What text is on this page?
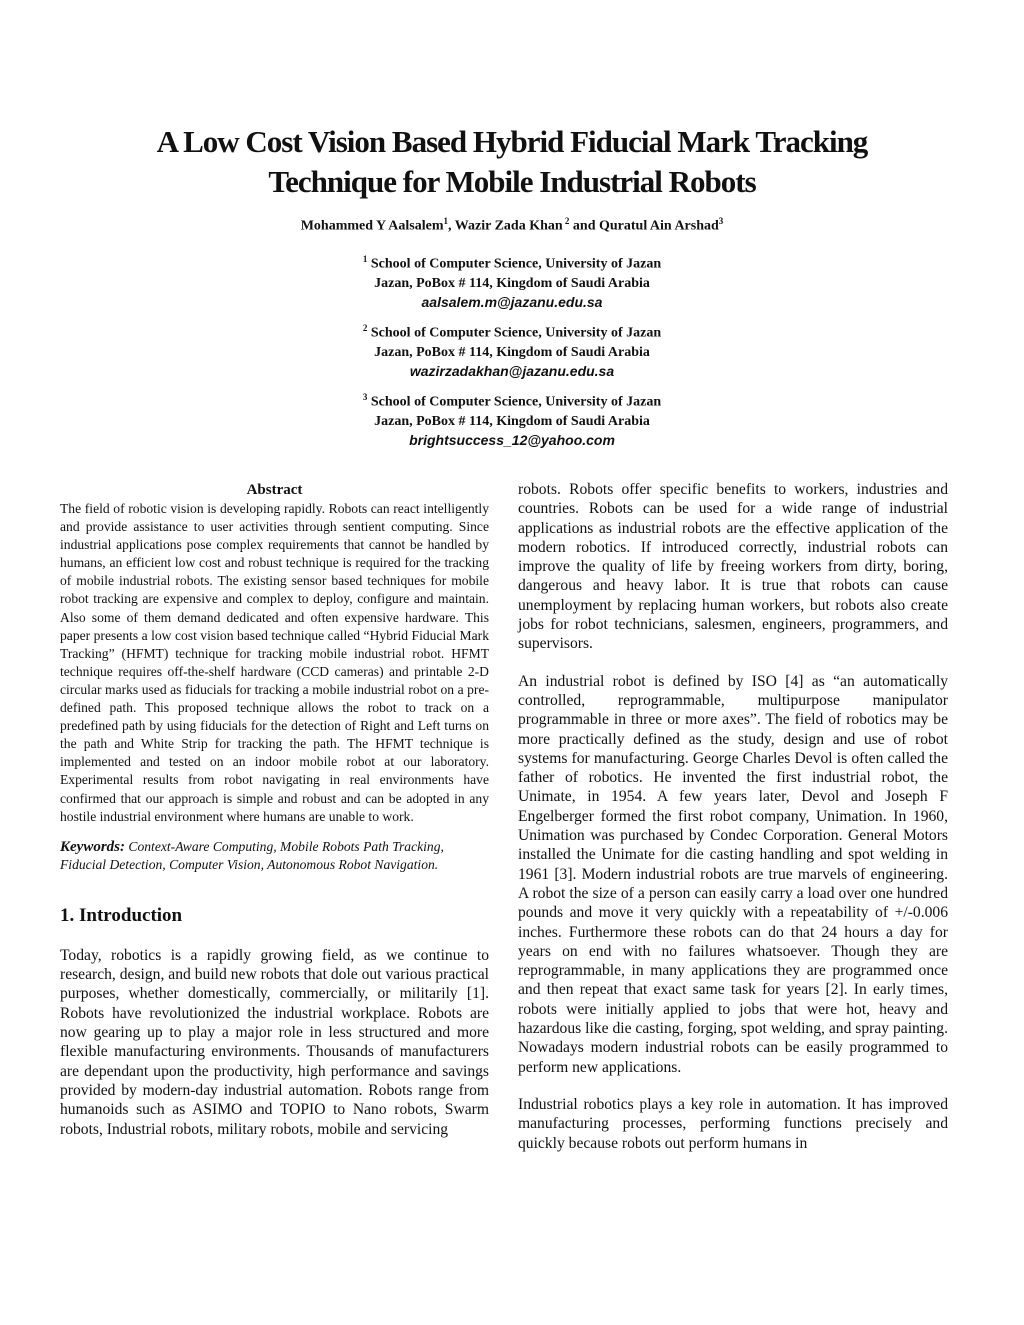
A Low Cost Vision Based Hybrid Fiducial Mark Tracking
Technique for Mobile Industrial Robots
Mohammed Y Aalsalem$^1$, Wazir Zada Khan $^2$ and Quratul Ain Arshad$^3$
$^1$ School of Computer Science, University of Jazan
Jazan, PoBox # 114, Kingdom of Saudi Arabia
aalsalem.m@jazanu.edu.sa
$^2$ School of Computer Science, University of Jazan
Jazan, PoBox # 114, Kingdom of Saudi Arabia
wazirzadakhan@jazanu.edu.sa
$^3$ School of Computer Science, University of Jazan
Jazan, PoBox # 114, Kingdom of Saudi Arabia
brightsuccess_12@yahoo.com
Abstract

The field of robotic vision is developing rapidly. Robots can react intelligently and provide assistance to user activities through sentient computing. Since industrial applications pose complex requirements that cannot be handled by humans, an efficient low cost and robust technique is required for the tracking of mobile industrial robots. The existing sensor based techniques for mobile robot tracking are expensive and complex to deploy, configure and maintain. Also some of them demand dedicated and often expensive hardware. This paper presents a low cost vision based technique called “Hybrid Fiducial Mark Tracking” (HFMT) technique for tracking mobile industrial robot. HFMT technique requires off-the-shelf hardware (CCD cameras) and printable 2-D circular marks used as fiducials for tracking a mobile industrial robot on a pre-defined path. This proposed technique allows the robot to track on a predefined path by using fiducials for the detection of Right and Left turns on the path and White Strip for tracking the path. The HFMT technique is implemented and tested on an indoor mobile robot at our laboratory. Experimental results from robot navigating in real environments have confirmed that our approach is simple and robust and can be adopted in any hostile industrial environment where humans are unable to work.

Keywords: Context-Aware Computing, Mobile Robots Path Tracking, Fiducial Detection, Computer Vision, Autonomous Robot Navigation.
1. Introduction
Today, robotics is a rapidly growing field, as we continue to research, design, and build new robots that dole out various practical purposes, whether domestically, commercially, or militarily [1]. Robots have revolutionized the industrial workplace. Robots are now gearing up to play a major role in less structured and more flexible manufacturing environments. Thousands of manufacturers are dependant upon the productivity, high performance and savings provided by modern-day industrial automation. Robots range from humanoids such as ASIMO and TOPIO to Nano robots, Swarm robots, Industrial robots, military robots, mobile and servicing

robots. Robots offer specific benefits to workers, industries and countries. Robots can be used for a wide range of industrial applications as industrial robots are the effective application of the modern robotics. If introduced correctly, industrial robots can improve the quality of life by freeing workers from dirty, boring, dangerous and heavy labor. It is true that robots can cause unemployment by replacing human workers, but robots also create jobs for robot technicians, salesmen, engineers, programmers, and supervisors.

An industrial robot is defined by ISO [4] as “an automatically controlled, reprogrammable, multipurpose manipulator programmable in three or more axes”. The field of robotics may be more practically defined as the study, design and use of robot systems for manufacturing. George Charles Devol is often called the father of robotics. He invented the first industrial robot, the Unimate, in 1954. A few years later, Devol and Joseph F Engelberger formed the first robot company, Unimation. In 1960, Unimation was purchased by Condec Corporation. General Motors installed the Unimate for die casting handling and spot welding in 1961 [3]. Modern industrial robots are true marvels of engineering. A robot the size of a person can easily carry a load over one hundred pounds and move it very quickly with a repeatability of +/-0.006 inches. Furthermore these robots can do that 24 hours a day for years on end with no failures whatsoever. Though they are reprogrammable, in many applications they are programmed once and then repeat that exact same task for years [2]. In early times, robots were initially applied to jobs that were hot, heavy and hazardous like die casting, forging, spot welding, and spray painting. Nowadays modern industrial robots can be easily programmed to perform new applications.

Industrial robotics plays a key role in automation. It has improved manufacturing processes, performing functions precisely and quickly because robots out perform humans in
